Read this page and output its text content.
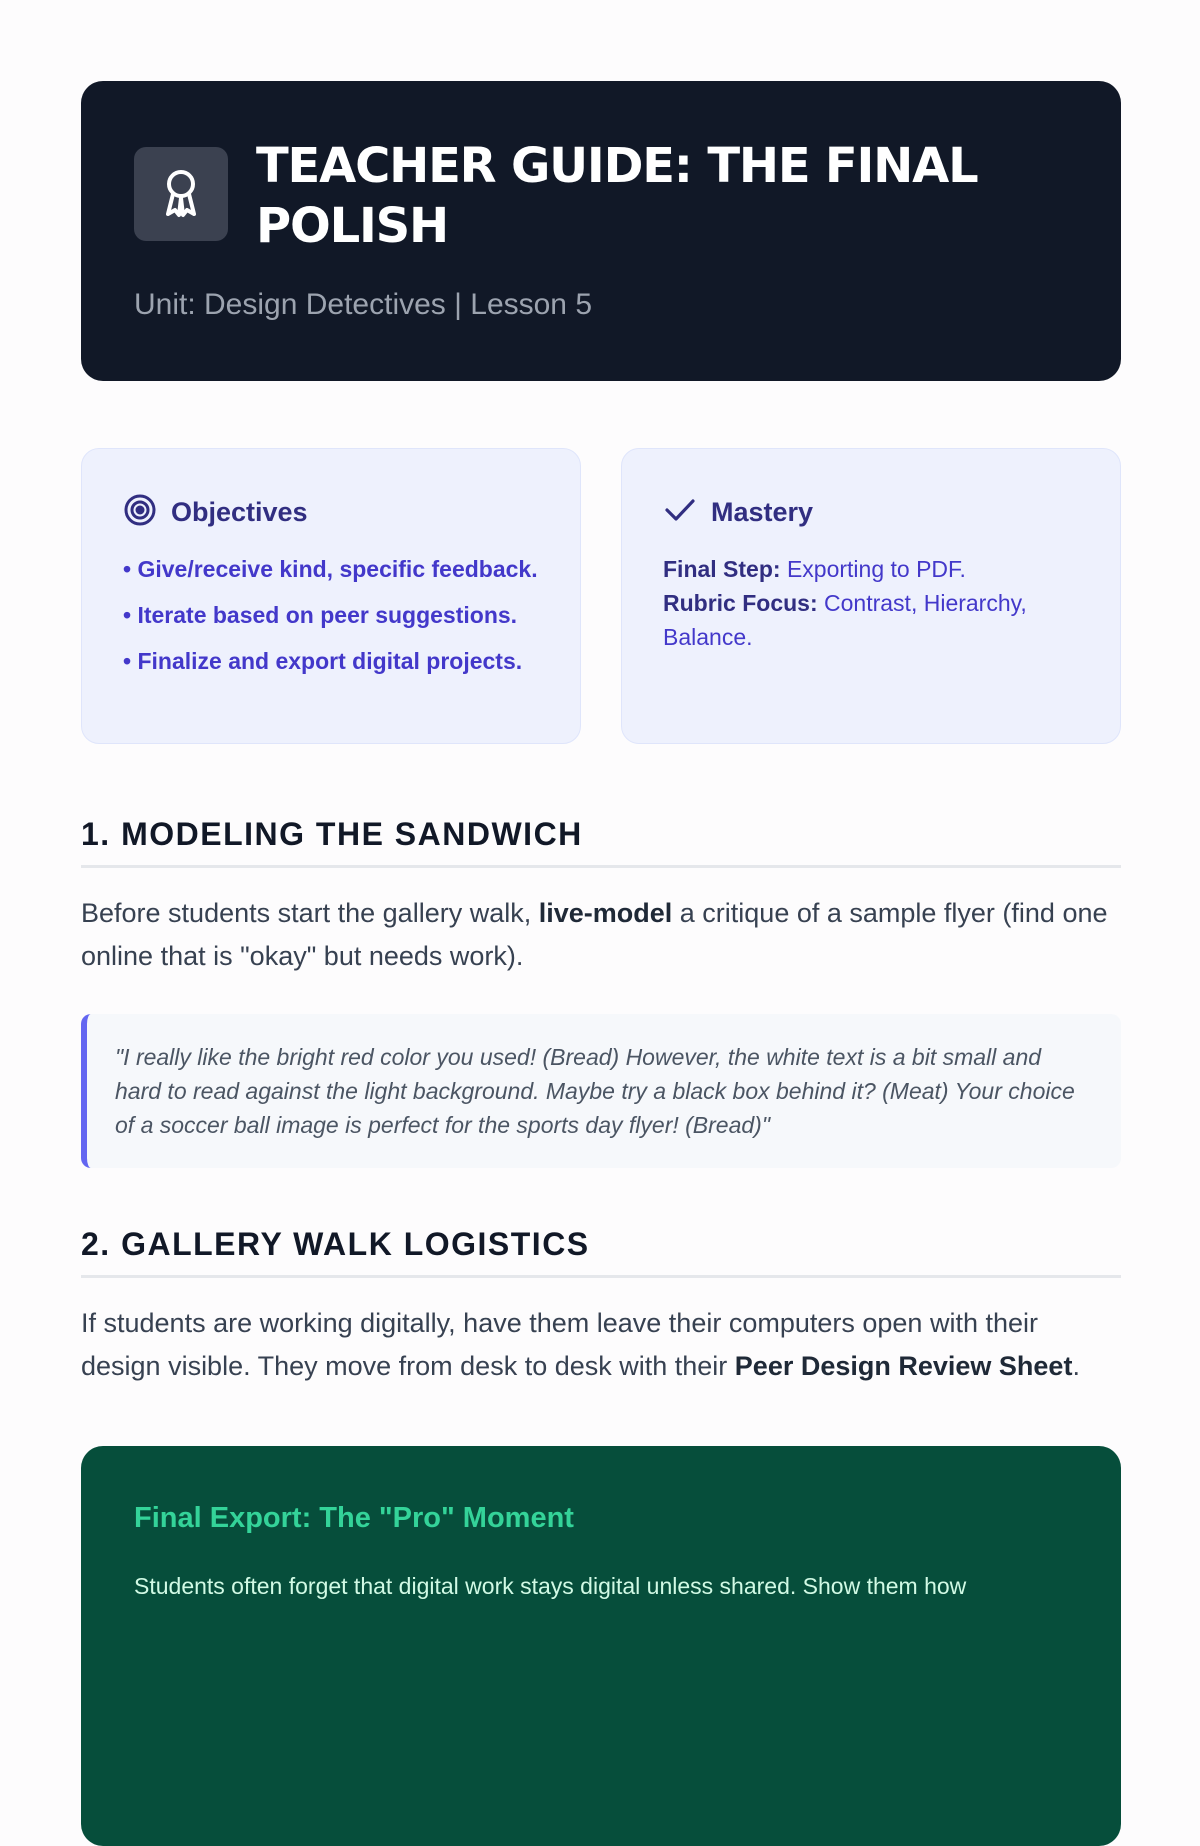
TEACHER GUIDE: THE FINAL POLISH
Unit: Design Detectives | Lesson 5
Objectives
• Give/receive kind, specific feedback.
• Iterate based on peer suggestions.
• Finalize and export digital projects.
Mastery
Final Step: Exporting to PDF.
Rubric Focus: Contrast, Hierarchy, Balance.
1. MODELING THE SANDWICH

Before students start the gallery walk, live-model a critique of a sample flyer (find one online that is "okay" but needs work).

"I really like the bright red color you used! (Bread) However, the white text is a bit small and hard to read against the light background. Maybe try a black box behind it? (Meat) Your choice of a soccer ball image is perfect for the sports day flyer! (Bread)"
2. GALLERY WALK LOGISTICS

If students are working digitally, have them leave their computers open with their design visible. They move from desk to desk with their Peer Design Review Sheet.

Final Export: The "Pro" Moment
Students often forget that digital work stays digital unless shared. Show them how
